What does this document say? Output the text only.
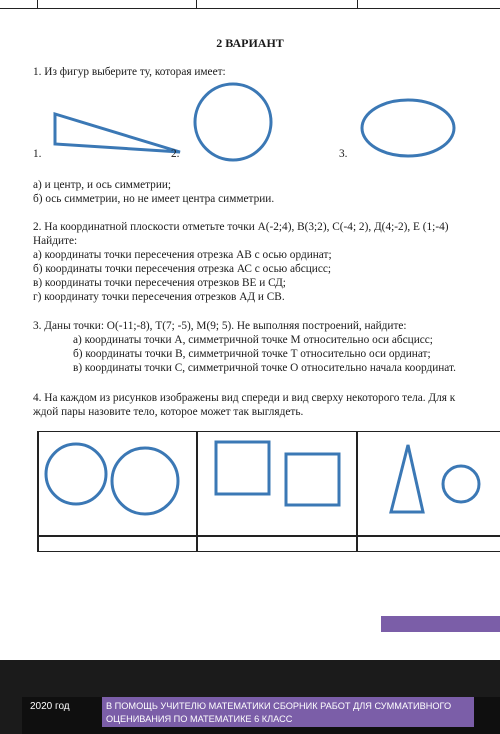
2 ВАРИАНТ
1. Из фигур выберите ту, которая имеет:
1.	2.	3.
а) и центр, и ось симметрии;
б) ось симметрии, но не имеет центра симметрии.
2. На координатной плоскости отметьте точки А(-2;4), В(3;2), С(-4; 2), Д(4;-2), Е (1;-4)
Найдите:
а) координаты точки пересечения отрезка АВ с осью ординат;
б) координаты точки пересечения отрезка АС с осью абсцисс;
в) координаты точки пересечения отрезков ВЕ и СД;
г) координату точки пересечения отрезков АД и СВ.
3. Даны точки: О(-11;-8), Т(7; -5), М(9; 5). Не выполняя построений, найдите:
а) координаты точки А, симметричной точке М относительно оси абсцисс;
б) координаты точки В, симметричной точке Т относительно оси ординат;
в) координаты точки С, симметричной точке О относительно начала координат.
4. На каждом из рисунков изображены вид спереди и вид сверху некоторого тела. Для к
ждой пары назовите тело, которое может так выглядеть.
2020 год	В ПОМОЩЬ УЧИТЕЛЮ МАТЕМАТИКИ СБОРНИК РАБОТ ДЛЯ СУММАТИВНОГО ОЦЕНИВАНИЯ ПО МАТЕМАТИКЕ 6 КЛАСС
